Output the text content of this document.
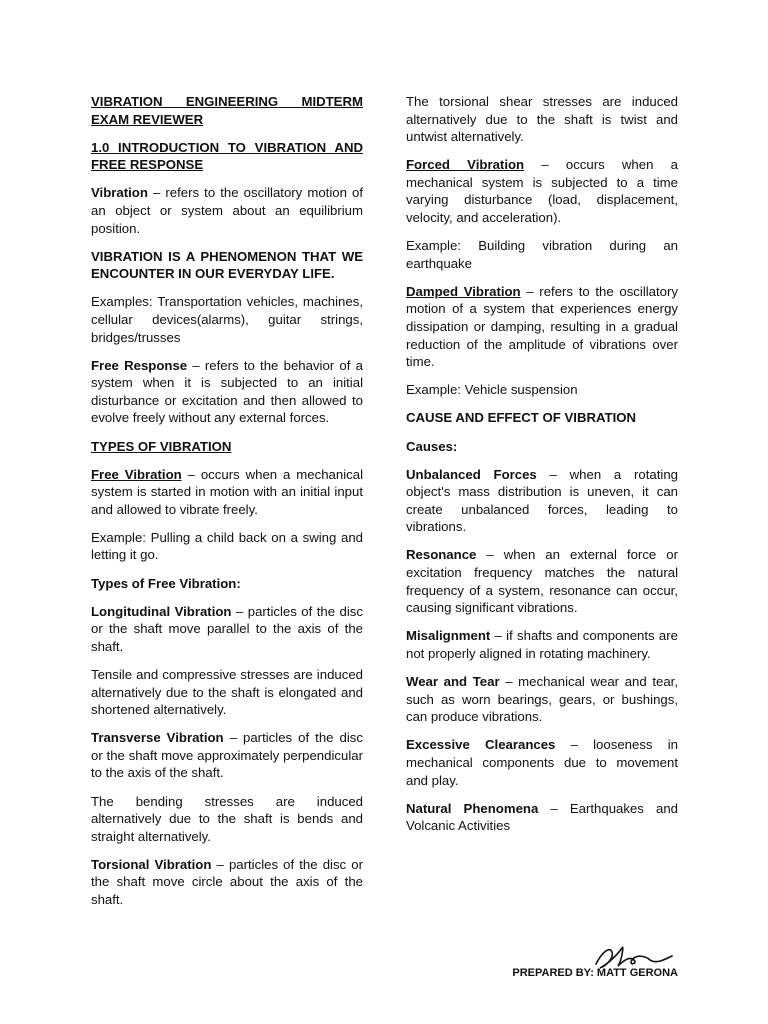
VIBRATION ENGINEERING MIDTERM EXAM REVIEWER

1.0 INTRODUCTION TO VIBRATION AND FREE RESPONSE

Vibration – refers to the oscillatory motion of an object or system about an equilibrium position.

VIBRATION IS A PHENOMENON THAT WE ENCOUNTER IN OUR EVERYDAY LIFE.

Examples: Transportation vehicles, machines, cellular devices(alarms), guitar strings, bridges/trusses

Free Response – refers to the behavior of a system when it is subjected to an initial disturbance or excitation and then allowed to evolve freely without any external forces.

TYPES OF VIBRATION

Free Vibration – occurs when a mechanical system is started in motion with an initial input and allowed to vibrate freely.

Example: Pulling a child back on a swing and letting it go.

Types of Free Vibration:

Longitudinal Vibration – particles of the disc or the shaft move parallel to the axis of the shaft.

Tensile and compressive stresses are induced alternatively due to the shaft is elongated and shortened alternatively.

Transverse Vibration – particles of the disc or the shaft move approximately perpendicular to the axis of the shaft.

The bending stresses are induced alternatively due to the shaft is bends and straight alternatively.

Torsional Vibration – particles of the disc or the shaft move circle about the axis of the shaft.

The torsional shear stresses are induced alternatively due to the shaft is twist and untwist alternatively.

Forced Vibration – occurs when a mechanical system is subjected to a time varying disturbance (load, displacement, velocity, and acceleration).

Example: Building vibration during an earthquake

Damped Vibration – refers to the oscillatory motion of a system that experiences energy dissipation or damping, resulting in a gradual reduction of the amplitude of vibrations over time.

Example: Vehicle suspension

CAUSE AND EFFECT OF VIBRATION

Causes:

Unbalanced Forces – when a rotating object's mass distribution is uneven, it can create unbalanced forces, leading to vibrations.

Resonance – when an external force or excitation frequency matches the natural frequency of a system, resonance can occur, causing significant vibrations.

Misalignment – if shafts and components are not properly aligned in rotating machinery.

Wear and Tear – mechanical wear and tear, such as worn bearings, gears, or bushings, can produce vibrations.

Excessive Clearances – looseness in mechanical components due to movement and play.

Natural Phenomena – Earthquakes and Volcanic Activities

PREPARED BY: MATT GERONA
